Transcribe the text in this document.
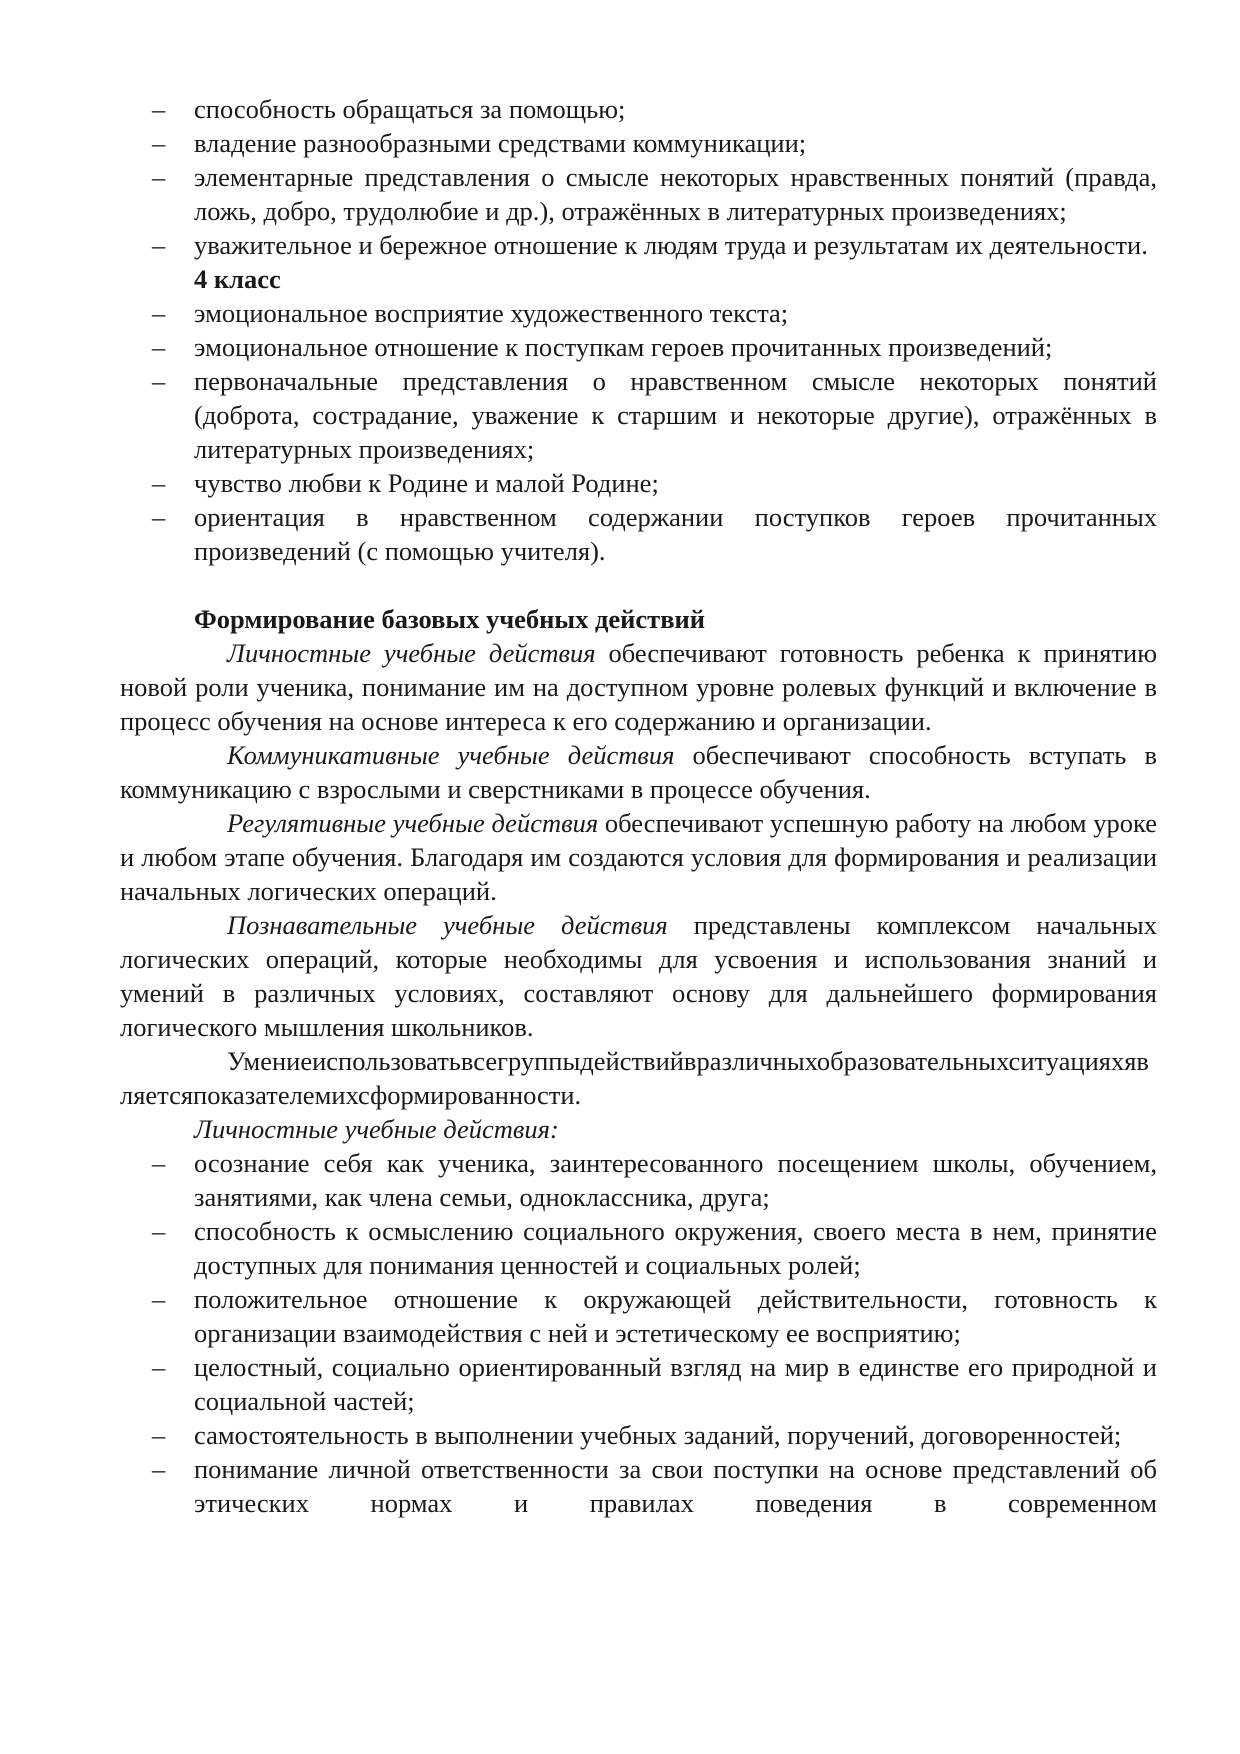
– способность обращаться за помощью;
– владение разнообразными средствами коммуникации;
– элементарные представления о смысле некоторых нравственных понятий (правда, ложь, добро, трудолюбие и др.), отражённых в литературных произведениях;
– уважительное и бережное отношение к людям труда и результатам их деятельности.
4 класс
– эмоциональное восприятие художественного текста;
– эмоциональное отношение к поступкам героев прочитанных произведений;
– первоначальные представления о нравственном смысле некоторых понятий (доброта, сострадание, уважение к старшим и некоторые другие), отражённых в литературных произведениях;
– чувство любви к Родине и малой Родине;
– ориентация в нравственном содержании поступков героев прочитанных произведений (с помощью учителя).
Формирование базовых учебных действий
Личностные учебные действия обеспечивают готовность ребенка к принятию новой роли ученика, понимание им на доступном уровне ролевых функций и включение в процесс обучения на основе интереса к его содержанию и организации.
Коммуникативные учебные действия обеспечивают способность вступать в коммуникацию с взрослыми и сверстниками в процессе обучения.
Регулятивные учебные действия обеспечивают успешную работу на любом уроке и любом этапе обучения. Благодаря им создаются условия для формирования и реализации начальных логических операций.
Познавательные учебные действия представлены комплексом начальных логических операций, которые необходимы для усвоения и использования знаний и умений в различных условиях, составляют основу для дальнейшего формирования логического мышления школьников.
Умениеиспользоватьвсегруппыдействийвразличныхобразовательныхситуацияхявляетсяпоказателемихсформированности.
Личностные учебные действия:
– осознание себя как ученика, заинтересованного посещением школы, обучением, занятиями, как члена семьи, одноклассника, друга;
– способность к осмыслению социального окружения, своего места в нем, принятие доступных для понимания ценностей и социальных ролей;
– положительное отношение к окружающей действительности, готовность к организации взаимодействия с ней и эстетическому ее восприятию;
– целостный, социально ориентированный взгляд на мир в единстве его природной и социальной частей;
– самостоятельность в выполнении учебных заданий, поручений, договоренностей;
– понимание личной ответственности за свои поступки на основе представлений об этических нормах и правилах поведения в современном
